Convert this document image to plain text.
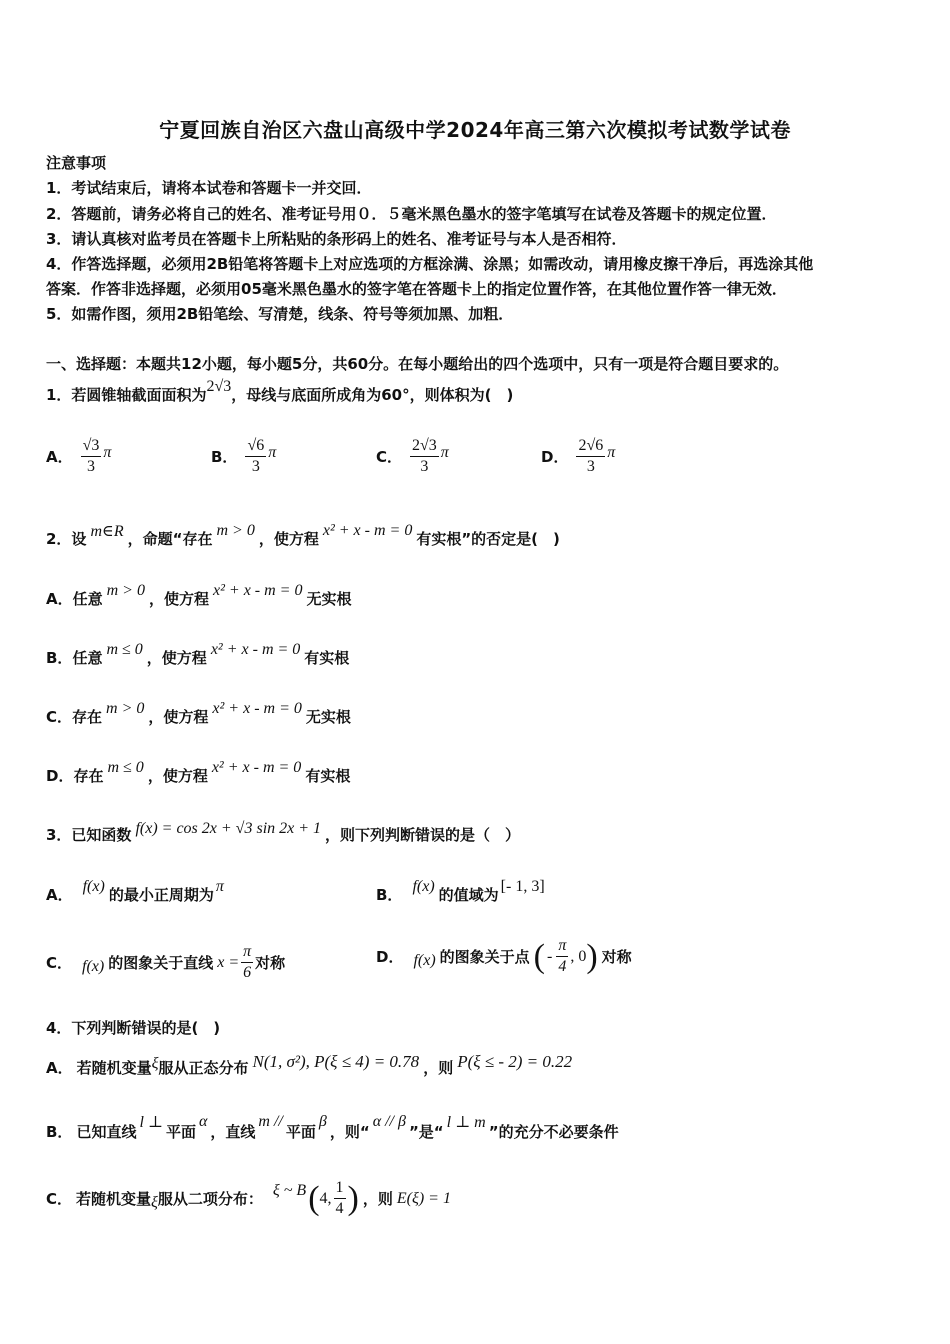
宁夏回族自治区六盘山高级中学2024年高三第六次模拟考试数学试卷
注意事项
1．考试结束后，请将本试卷和答题卡一并交回．
2．答题前，请务必将自己的姓名、准考证号用０．５毫米黑色墨水的签字笔填写在试卷及答题卡的规定位置．
3．请认真核对监考员在答题卡上所粘贴的条形码上的姓名、准考证号与本人是否相符．
4．作答选择题，必须用2B铅笔将答题卡上对应选项的方框涂满、涂黑；如需改动，请用橡皮擦干净后，再选涂其他
答案．作答非选择题，必须用05毫米黑色墨水的签字笔在答题卡上的指定位置作答，在其他位置作答一律无效．
5．如需作图，须用2B铅笔绘、写清楚，线条、符号等须加黑、加粗．
一、选择题：本题共12小题，每小题5分，共60分。在每小题给出的四个选项中，只有一项是符合题目要求的。
1．若圆锥轴截面面积为 2√3 ，母线与底面所成角为60°，则体积为(　)
A． $\frac{√3}{3}$ π	B． $\frac{√6}{3}$ π	C． $\frac{2√3}{3}$ π	D． $\frac{2√6}{3}$ π
2．设 m∈R ，命题“存在 m > 0 ，使方程 x² + x - m = 0 有实根”的否定是(　)
A． 任意 m > 0 ，使方程 x² + x - m = 0 无实根
B． 任意 m ≤ 0 ，使方程 x² + x - m = 0 有实根
C． 存在 m > 0 ，使方程 x² + x - m = 0 无实根
D． 存在 m ≤ 0 ，使方程 x² + x - m = 0 有实根
3．已知函数 f(x) = cos 2x + √3 sin 2x + 1 ，则下列判断错误的是（　）
A． f(x) 的最小正周期为 π	B． f(x) 的值域为 [- 1, 3]
C． f(x) 的图象关于直线 $x = \frac{\pi}{6}$ 对称	D． f(x) 的图象关于点 ( - $\frac{\pi}{4}$ , 0 ) 对称
4．下列判断错误的是(　)
A． 若随机变量 ξ 服从正态分布 N(1, σ²), P(ξ ≤ 4) = 0.78 ，则 P(ξ ≤ - 2) = 0.22
B． 已知直线
l ⊥
平面
α
，直线
m //
平面
β
，则“
α // β
”是“
l ⊥ m
”的充分不必要条件
C． 若随机变量 ξ 服从二项分布： ξ ~ B ( 4, $\frac{1}{4}$ ) ，则 E(ξ) = 1
